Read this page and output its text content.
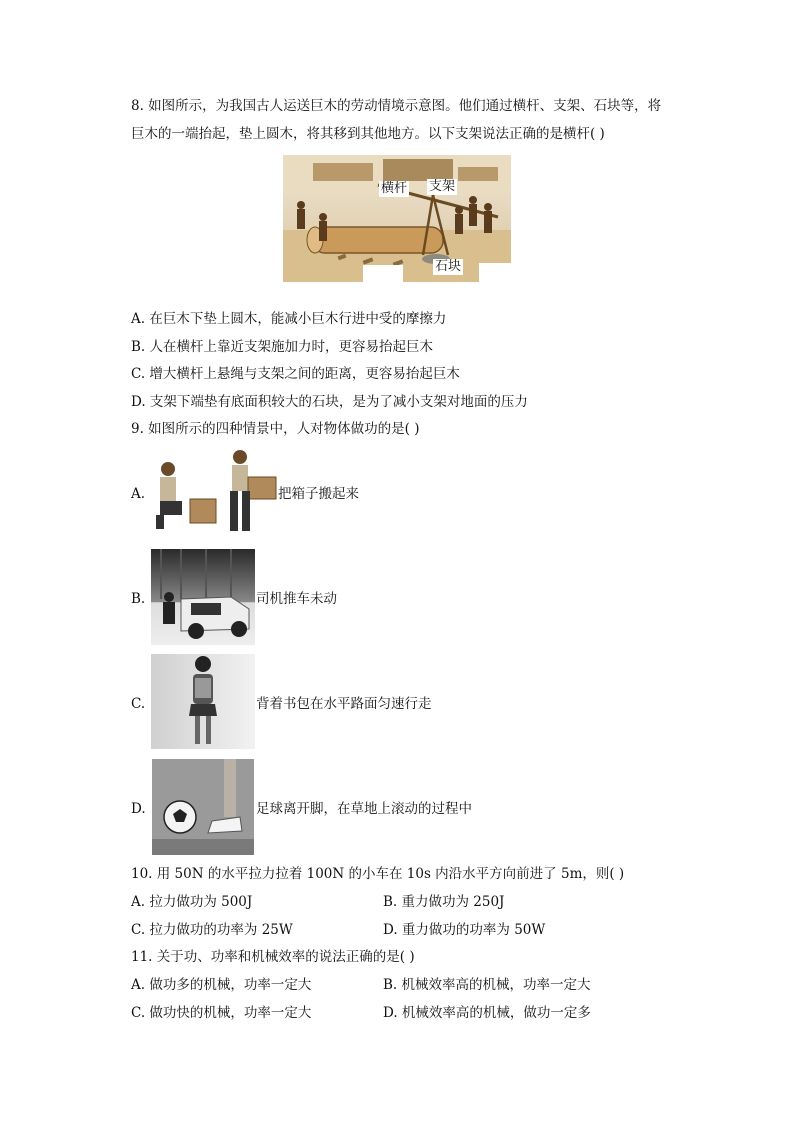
8. 如图所示，为我国古人运送巨木的劳动情境示意图。他们通过横杆、支架、石块等，将
巨木的一端抬起，垫上圆木，将其移到其他地方。以下支架说法正确的是横杆( )
横杆 支架
石块
A. 在巨木下垫上圆木，能减小巨木行进中受的摩擦力
B. 人在横杆上靠近支架施加力时，更容易抬起巨木
C. 增大横杆上悬绳与支架之间的距离，更容易抬起巨木
D. 支架下端垫有底面积较大的石块，是为了减小支架对地面的压力
9. 如图所示的四种情景中，人对物体做功的是( )
A.	把箱子搬起来
B.	司机推车未动
C.	背着书包在水平路面匀速行走
D.	足球离开脚，在草地上滚动的过程中
10. 用 50N 的水平拉力拉着 100N 的小车在 10s 内沿水平方向前进了 5m，则( )
A. 拉力做功为 500J	B. 重力做功为 250J
C. 拉力做功的功率为 25W	D. 重力做功的功率为 50W
11. 关于功、功率和机械效率的说法正确的是( )
A. 做功多的机械，功率一定大	B. 机械效率高的机械，功率一定大
C. 做功快的机械，功率一定大	D. 机械效率高的机械，做功一定多
